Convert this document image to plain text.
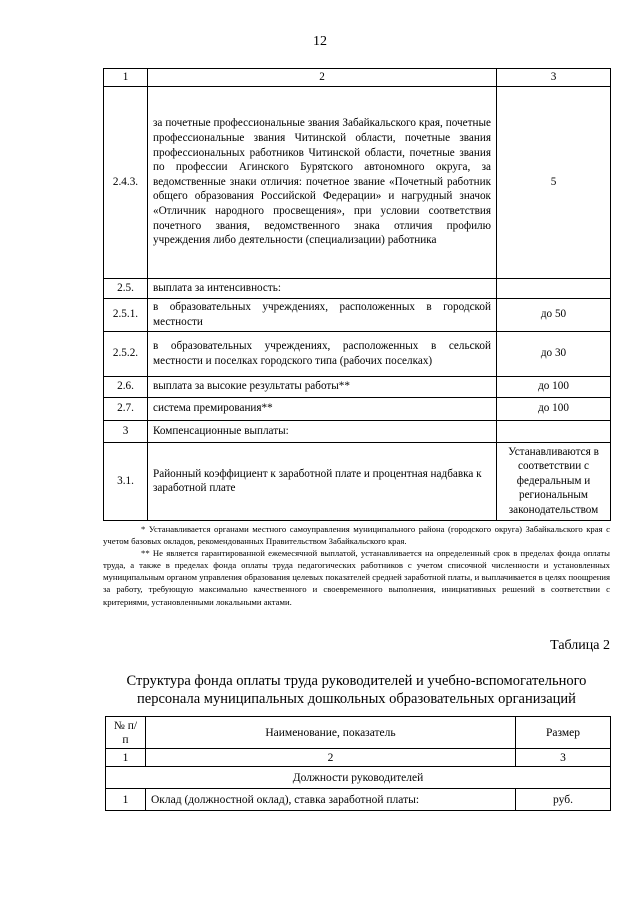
12
1	2	3
2.4.3.	за почетные профессиональные звания Забайкальского края, почетные профессиональные звания Читинской области, почетные звания профессиональных работников Читинской области, почетные звания по профессии Агинского Бурятского автономного округа, за ведомственные знаки отличия: почетное звание «Почетный работник общего образования Российской Федерации» и нагрудный значок «Отличник народного просвещения», при условии соответствия почетного звания, ведомственного знака отличия профилю учреждения либо деятельности (специализации) работника	5
2.5.	выплата за интенсивность:	
2.5.1.	в образовательных учреждениях, расположенных в городской местности	до 50
2.5.2.	в образовательных учреждениях, расположенных в сельской местности и поселках городского типа (рабочих поселках)	до 30
2.6.	выплата за высокие результаты работы**	до 100
2.7.	система премирования**	до 100
3	Компенсационные выплаты:	
3.1.	Районный коэффициент к заработной плате и процентная надбавка к заработной плате	Устанавливаются в соответствии с федеральным и региональным законодательством

* Устанавливается органами местного самоуправления муниципального района (городского округа) Забайкальского края с учетом базовых окладов, рекомендованных Правительством Забайкальского края.

** Не является гарантированной ежемесячной выплатой, устанавливается на определенный срок в пределах фонда оплаты труда, а также в пределах фонда оплаты труда педагогических работников с учетом списочной численности и установленных муниципальным органом управления образования целевых показателей средней заработной платы, и выплачивается в целях поощрения за работу, требующую максимально качественного и своевременного выполнения, инициативных решений в соответствии с критериями, установленными локальными актами.

Таблица 2
Структура фонда оплаты труда руководителей и учебно-вспомогательного персонала муниципальных дошкольных образовательных организаций
№ п/п	Наименование, показатель	Размер
1	2	3
Должности руководителей		
1	Оклад (должностной оклад), ставка заработной платы:	руб.
